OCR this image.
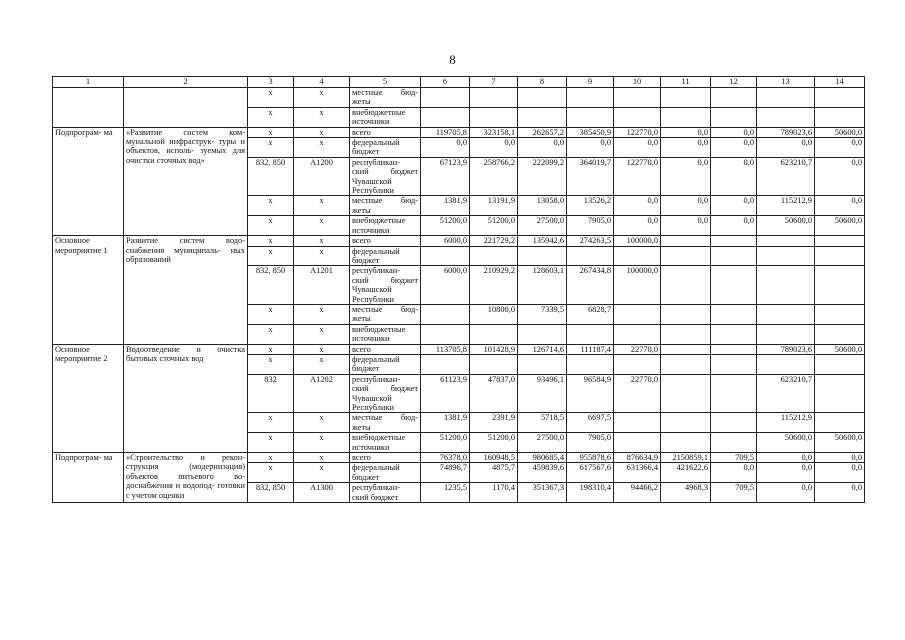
8
1	2	3	4	5	6	7	8	9	10	11	12	13	14
		x	x	местные бюд- жеты									
		x	x	внебюджетные источники									
Подпрограм- ма	«Развитие систем ком- мунальной инфраструк- туры и объектов, исполь- зуемых для очистки сточных вод»	x	x	всего	119705,8	323158,1	262657,2	385450,9	122770,0	0,0	0,0	789023,6	50600,0
		x	x	федеральный бюджет	0,0	0,0	0,0	0,0	0,0	0,0	0,0	0,0	0,0
		832, 850	A1200	республикан- ский бюджет Чувашской Республики	67123,9	258766,2	222099,2	364019,7	122770,0	0,0	0,0	623210,7	0,0
		x	x	местные бюд- жеты	1381,9	13191,9	13058,0	13526,2	0,0	0,0	0,0	115212,9	0,0
		x	x	внебюджетные источники	51200,0	51200,0	27500,0	7905,0	0,0	0,0	0,0	50600,0	50600,0
Основное мероприятие 1	Развитие систем водо- снабжения муниципаль- ных образований	x	x	всего	6000,0	221729,2	135942,6	274263,5	100000,0				
		x	x	федеральный бюджет									
		832, 850	A1201	республикан- ский бюджет Чувашской Республики	6000,0	210929,2	128603,1	267434,8	100000,0				
		x	x	местные бюд- жеты		10800,0	7339,5	6828,7					
		x	x	внебюджетные источники									
Основное мероприятие 2	Водоотведение и очистка бытовых сточных вод	x	x	всего	113705,8	101428,9	126714,6	111187,4	22770,0			789023,6	50600,0
		x	x	федеральный бюджет									
		832	A1202	республикан- ский бюджет Чувашской Республики	61123,9	47837,0	93496,1	96584,9	22770,0			623210,7	
		x	x	местные бюд- жеты	1381,9	2391,9	5718,5	6697,5				115212,9	
		x	x	внебюджетные источники	51200,0	51200,0	27500,0	7905,0				50600,0	50600,0
Подпрограм- ма	«Строительство и рекон- струкция (модернизация) объектов питьевого во- доснабжения и водопод- готовки с учетом оценки	x	x	всего	76378,0	160948,5	980685,4	955878,6	876634,9	2150859,1	709,5	0,0	0,0
		x	x	федеральный бюджет	74896,7	4875,7	459839,6	617567,6	631366,4	421622,6	0,0	0,0	0,0
		832, 850	A1300	республикан- ский бюджет	1235,5	1170,4	351367,3	198310,4	94466,2	4968,3	709,5	0,0	0,0
